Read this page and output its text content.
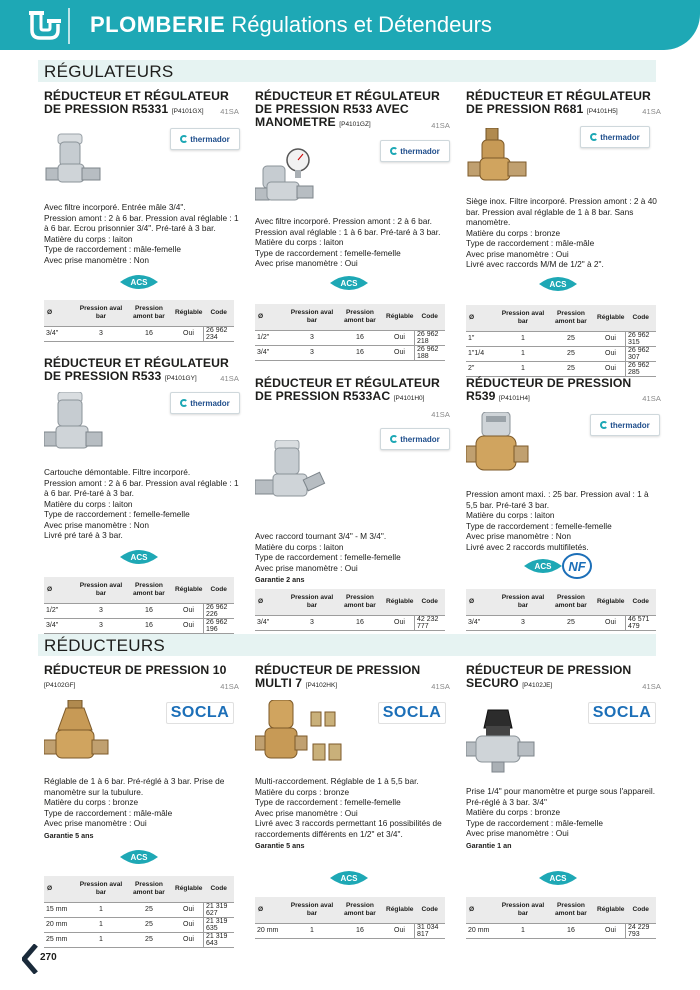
PLOMBERIE Régulations et Détendeurs
RÉGULATEURS
RÉDUCTEUR ET RÉGULATEUR DE PRESSION R5331 [P4101GX] 41SA
thermador
Avec filtre incorporé. Entrée mâle 3/4".
Pression amont : 2 à 6 bar. Pression aval réglable : 1 à 6 bar. Ecrou prisonnier 3/4". Pré-taré à 3 bar. Matière du corps : laiton
Type de raccordement : mâle-femelle
Avec prise manomètre : Non
ACS
Ø	Pression aval bar	Pression amont bar	Réglable	Code
3/4"	3	16	Oui	26 962 234
RÉDUCTEUR ET RÉGULATEUR DE PRESSION R533 AVEC MANOMETRE [P4101GZ]	41SA
thermador
Avec filtre incorporé. Pression amont : 2 à 6 bar. Pression aval réglable : 1 à 6 bar. Pré-taré à 3 bar. Matière du corps : laiton
Type de raccordement : femelle-femelle
Avec prise manomètre : Oui
ACS
Ø	Pression aval bar	Pression amont bar	Réglable	Code
1/2"	3	16	Oui	26 962 218
3/4"	3	16	Oui	26 962 188
RÉDUCTEUR ET RÉGULATEUR DE PRESSION R681 [P4101H5]	41SA
thermador
Siège inox. Filtre incorporé. Pression amont : 2 à 40 bar. Pression aval réglable de 1 à 8 bar. Sans manomètre.
Matière du corps : bronze
Type de raccordement : mâle-mâle
Avec prise manomètre : Oui
Livré avec raccords M/M de 1/2" à 2".
ACS
Ø	Pression aval bar	Pression amont bar	Réglable	Code
1"	1	25	Oui	26 962 315
1"1/4	1	25	Oui	26 962 307
2"	1	25	Oui	26 962 285
RÉDUCTEUR ET RÉGULATEUR DE PRESSION R533 [P4101GY]	41SA
thermador
Cartouche démontable. Filtre incorporé.
Pression amont : 2 à 6 bar. Pression aval réglable : 1 à 6 bar. Pré-taré à 3 bar.
Matière du corps : laiton
Type de raccordement : femelle-femelle
Avec prise manomètre : Non
Livré pré taré à 3 bar.
ACS
Ø	Pression aval bar	Pression amont bar	Réglable	Code
1/2"	3	16	Oui	26 962 226
3/4"	3	16	Oui	26 962 196
RÉDUCTEUR ET RÉGULATEUR DE PRESSION R533AC [P4101H0]
41SA
thermador
Avec raccord tournant 3/4" - M 3/4".
Matière du corps : laiton
Type de raccordement : femelle-femelle
Avec prise manomètre : Oui
Garantie 2 ans
Ø	Pression aval bar	Pression amont bar	Réglable	Code
3/4"	3	16	Oui	42 232 777
RÉDUCTEUR DE PRESSION R539 [P4101H4]	41SA
thermador
Pression amont maxi. : 25 bar. Pression aval : 1 à 5,5 bar. Pré-taré 3 bar.
Matière du corps : laiton
Type de raccordement : femelle-femelle
Avec prise manomètre : Non
Livré avec 2 raccords multifiletés.
ACS NF
Ø	Pression aval bar	Pression amont bar	Réglable	Code
3/4"	3	25	Oui	46 571 479
RÉDUCTEURS
RÉDUCTEUR DE PRESSION 10
[P4102GF]	41SA
SOCLA
Réglable de 1 à 6 bar. Pré-réglé à 3 bar. Prise de manomètre sur la tubulure.
Matière du corps : bronze
Type de raccordement : mâle-mâle
Avec prise manomètre : Oui
Garantie 5 ans
ACS
Ø	Pression aval bar	Pression amont bar	Réglable	Code
15 mm	1	25	Oui	21 319 627
20 mm	1	25	Oui	21 319 635
25 mm	1	25	Oui	21 319 643
RÉDUCTEUR DE PRESSION MULTI 7 [P4102HK]	41SA
SOCLA
Multi-raccordement. Réglable de 1 à 5,5 bar.
Matière du corps : bronze
Type de raccordement : femelle-femelle
Avec prise manomètre : Oui
Livré avec 3 raccords permettant 16 possibilités de raccordements différents en 1/2" et 3/4".
Garantie 5 ans
ACS
Ø	Pression aval bar	Pression amont bar	Réglable	Code
20 mm	1	16	Oui	31 034 817
RÉDUCTEUR DE PRESSION SECURO [P4102JE]	41SA
SOCLA
Prise 1/4" pour manomètre et purge sous l'appareil.
Pré-réglé à 3 bar. 3/4"
Matière du corps : bronze
Type de raccordement : mâle-femelle
Avec prise manomètre : Oui
Garantie 1 an
ACS
Ø	Pression aval bar	Pression amont bar	Réglable	Code
20 mm	1	16	Oui	24 229 793
270
